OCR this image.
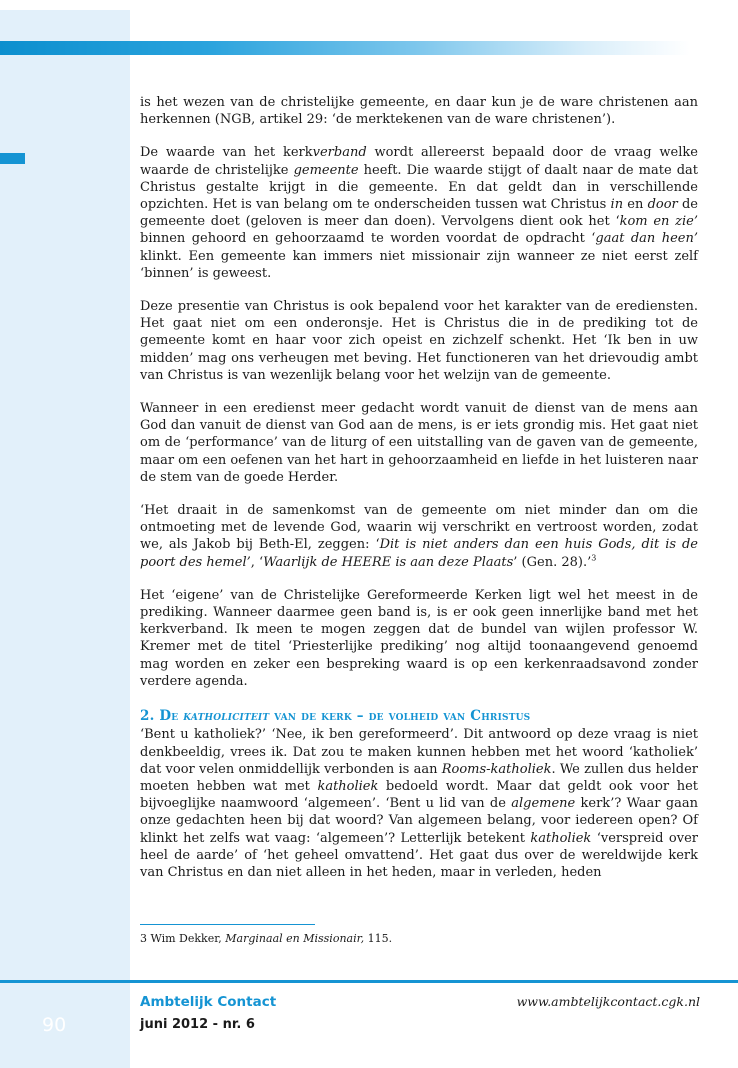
is het wezen van de christelijke gemeente, en daar kun je de ware christenen aan herkennen (NGB, artikel 29: ‘de merktekenen van de ware christenen’).

De waarde van het kerkverband wordt allereerst bepaald door de vraag welke waarde de christelijke gemeente heeft. Die waarde stijgt of daalt naar de mate dat Christus gestalte krijgt in die gemeente. En dat geldt dan in verschillende opzichten. Het is van belang om te onderscheiden tussen wat Christus in en door de gemeente doet (geloven is meer dan doen). Vervolgens dient ook het ‘kom en zie’ binnen gehoord en gehoorzaamd te worden voordat de opdracht ‘gaat dan heen’ klinkt. Een gemeente kan immers niet missionair zijn wanneer ze niet eerst zelf ‘binnen’ is geweest.

Deze presentie van Christus is ook bepalend voor het karakter van de erediensten. Het gaat niet om een onderonsje. Het is Christus die in de prediking tot de gemeente komt en haar voor zich opeist en zichzelf schenkt. Het ‘Ik ben in uw midden’ mag ons verheugen met beving. Het functioneren van het drievoudig ambt van Christus is van wezenlijk belang voor het welzijn van de gemeente.

Wanneer in een eredienst meer gedacht wordt vanuit de dienst van de mens aan God dan vanuit de dienst van God aan de mens, is er iets grondig mis. Het gaat niet om de ‘performance’ van de liturg of een uitstalling van de gaven van de gemeente, maar om een oefenen van het hart in gehoorzaamheid en liefde in het luisteren naar de stem van de goede Herder.

‘Het draait in de samenkomst van de gemeente om niet minder dan om die ontmoeting met de levende God, waarin wij verschrikt en vertroost worden, zodat we, als Jakob bij Beth-El, zeggen: ‘Dit is niet anders dan een huis Gods, dit is de poort des hemel’, ‘Waarlijk de HEERE is aan deze Plaats’ (Gen. 28).’$^3$

Het ‘eigene’ van de Christelijke Gereformeerde Kerken ligt wel het meest in de prediking. Wanneer daarmee geen band is, is er ook geen innerlijke band met het kerkverband. Ik meen te mogen zeggen dat de bundel van wijlen professor W. Kremer met de titel ‘Priesterlijke prediking’ nog altijd toonaangevend genoemd mag worden en zeker een bespreking waard is op een kerkenraadsavond zonder verdere agenda.

2. De katholiciteit van de kerk – de volheid van Christus

‘Bent u katholiek?’ ‘Nee, ik ben gereformeerd’. Dit antwoord op deze vraag is niet denkbeeldig, vrees ik. Dat zou te maken kunnen hebben met het woord ‘katholiek’ dat voor velen onmiddellijk verbonden is aan Rooms-katholiek. We zullen dus helder moeten hebben wat met katholiek bedoeld wordt. Maar dat geldt ook voor het bijvoeglijke naamwoord ‘algemeen’. ‘Bent u lid van de algemene kerk’? Waar gaan onze gedachten heen bij dat woord? Van algemeen belang, voor iedereen open? Of klinkt het zelfs wat vaag: ‘algemeen’? Letterlijk betekent katholiek ‘verspreid over heel de aarde’ of ‘het geheel omvattend’. Het gaat dus over de wereldwijde kerk van Christus en dan niet alleen in het heden, maar in verleden, heden

3 Wim Dekker, Marginaal en Missionair, 115.
90
Ambtelijk Contact
juni 2012 - nr. 6
www.ambtelijkcontact.cgk.nl
